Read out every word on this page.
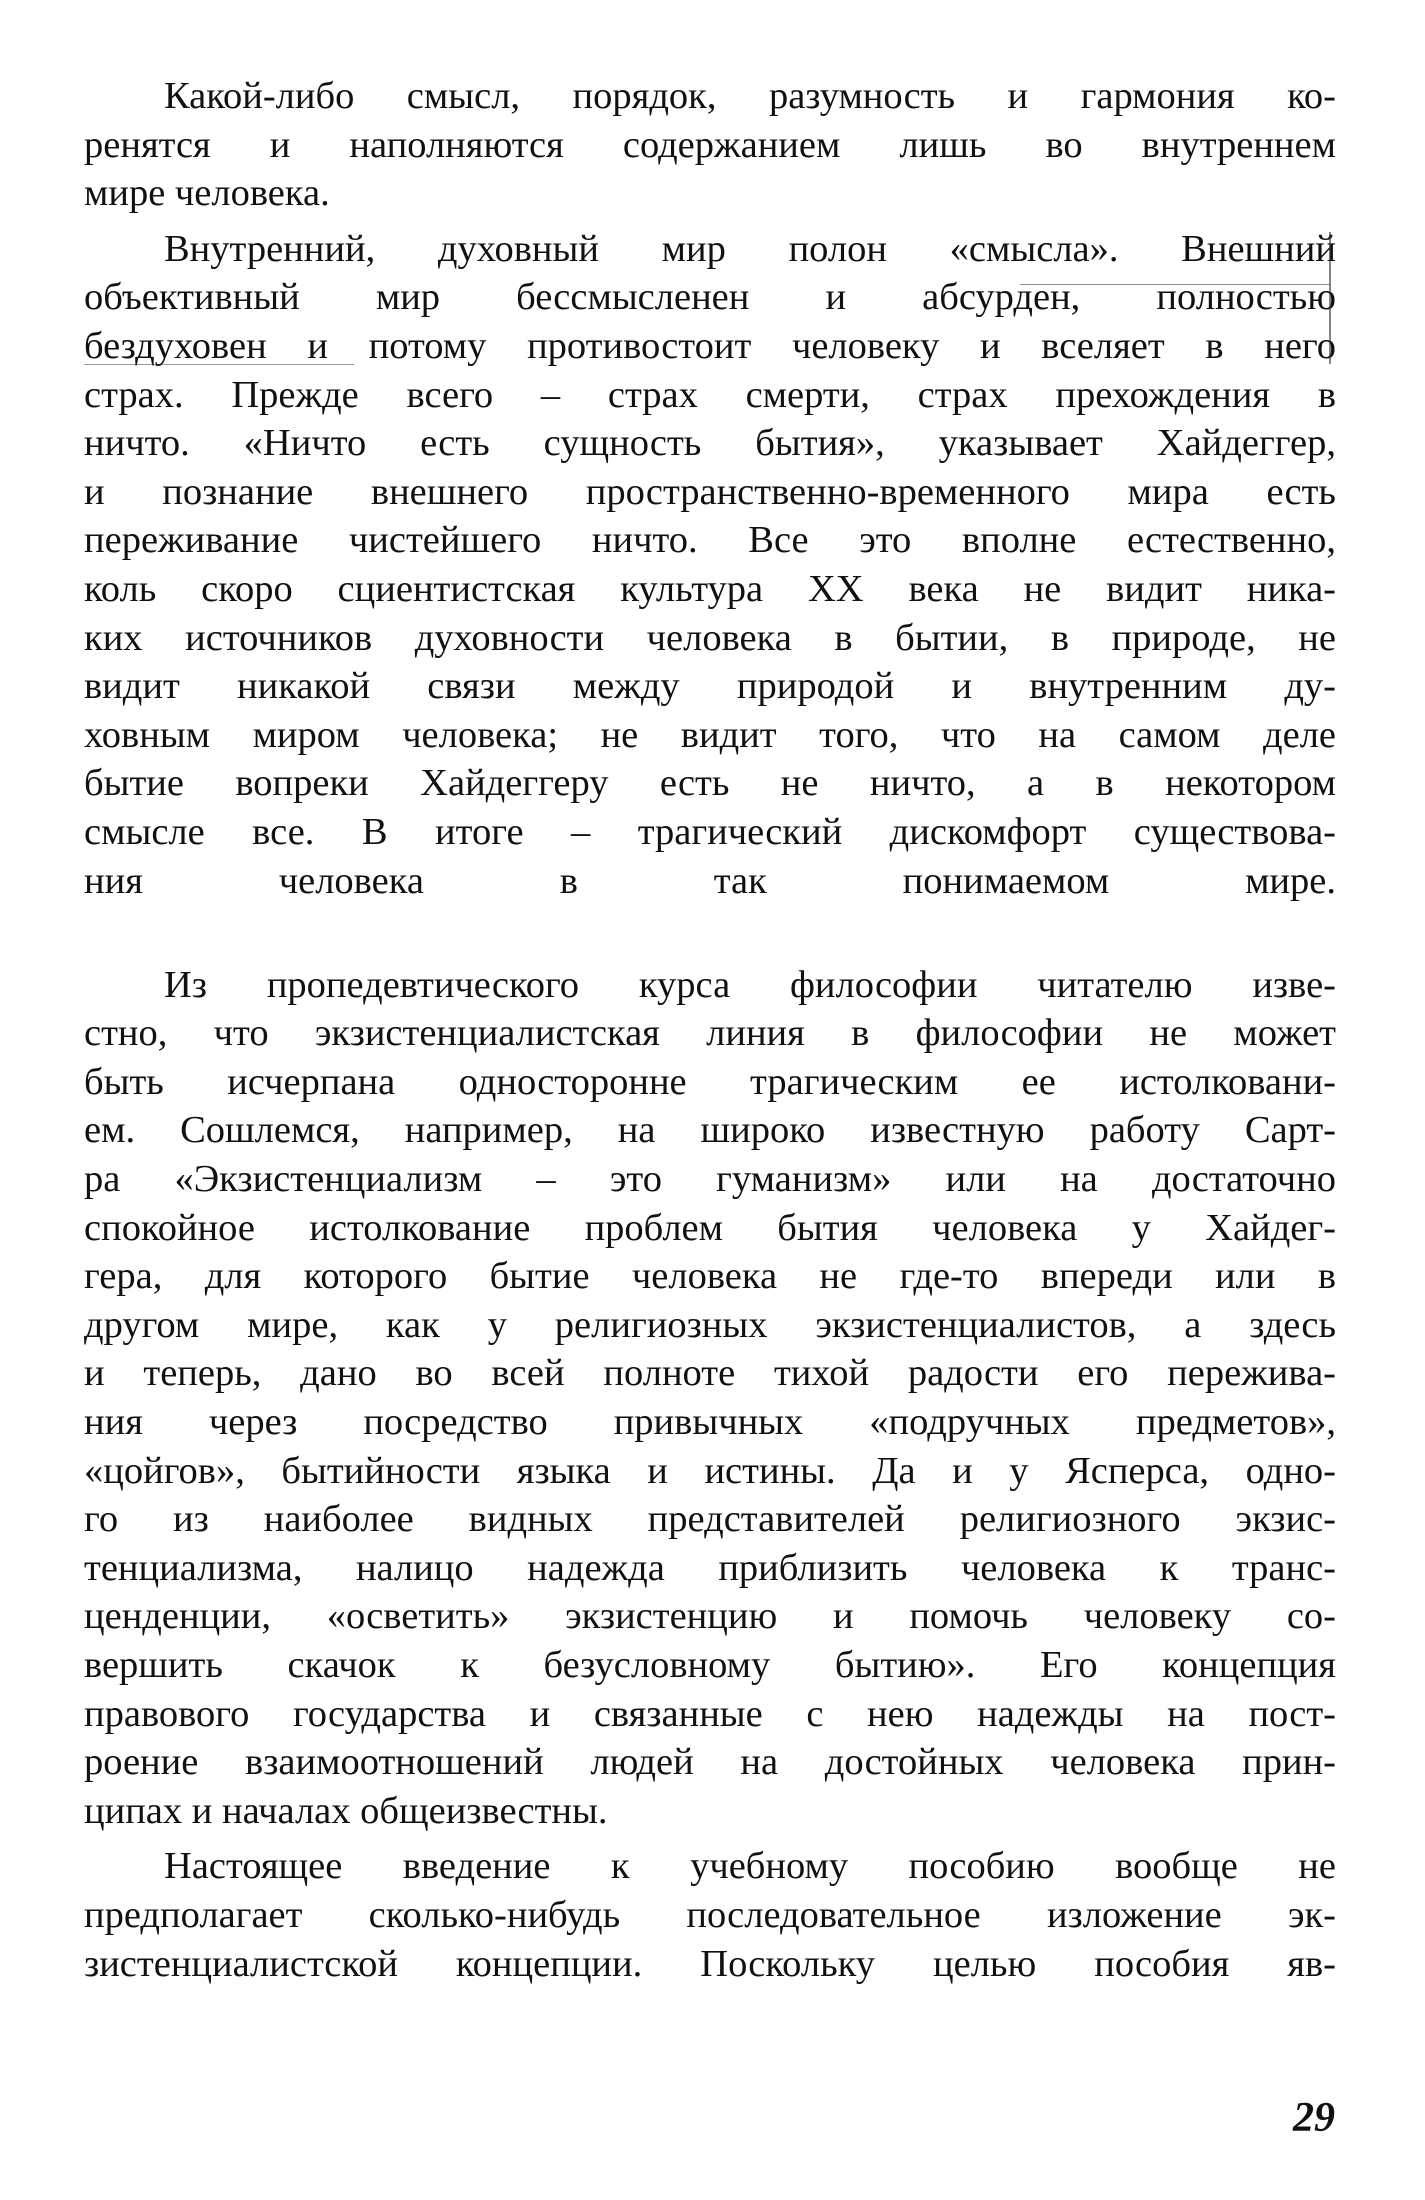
Какой-либо смысл, порядок, разумность и гармония ко-
ренятся и наполняются содержанием лишь во внутреннем
мире человека.
Внутренний, духовный мир полон «смысла». Внешний
объективный мир бессмысленен и абсурден, полностью
бездуховен и потому противостоит человеку и вселяет в него
страх. Прежде всего – страх смерти, страх прехождения в
ничто. «Ничто есть сущность бытия», указывает Хайдеггер,
и познание внешнего пространственно-временного мира есть
переживание чистейшего ничто. Все это вполне естественно,
коль скоро сциентистская культура XX века не видит ника-
ких источников духовности человека в бытии, в природе, не
видит никакой связи между природой и внутренним ду-
ховным миром человека; не видит того, что на самом деле
бытие вопреки Хайдеггеру есть не ничто, а в некотором
смысле все. В итоге – трагический дискомфорт существова-
ния человека в так понимаемом мире.
Из пропедевтического курса философии читателю изве-
стно, что экзистенциалистская линия в философии не может
быть исчерпана односторонне трагическим ее истолковани-
ем. Сошлемся, например, на широко известную работу Сарт-
ра «Экзистенциализм – это гуманизм» или на достаточно
спокойное истолкование проблем бытия человека у Хайдег-
гера, для которого бытие человека не где-то впереди или в
другом мире, как у религиозных экзистенциалистов, а здесь
и теперь, дано во всей полноте тихой радости его пережива-
ния через посредство привычных «подручных предметов»,
«цойгов», бытийности языка и истины. Да и у Ясперса, одно-
го из наиболее видных представителей религиозного экзис-
тенциализма, налицо надежда приблизить человека к транс-
ценденции, «осветить» экзистенцию и помочь человеку со-
вершить скачок к безусловному бытию». Его концепция
правового государства и связанные с нею надежды на пост-
роение взаимоотношений людей на достойных человека прин-
ципах и началах общеизвестны.
Настоящее введение к учебному пособию вообще не
предполагает сколько-нибудь последовательное изложение эк-
зистенциалистской концепции. Поскольку целью пособия яв-
29
